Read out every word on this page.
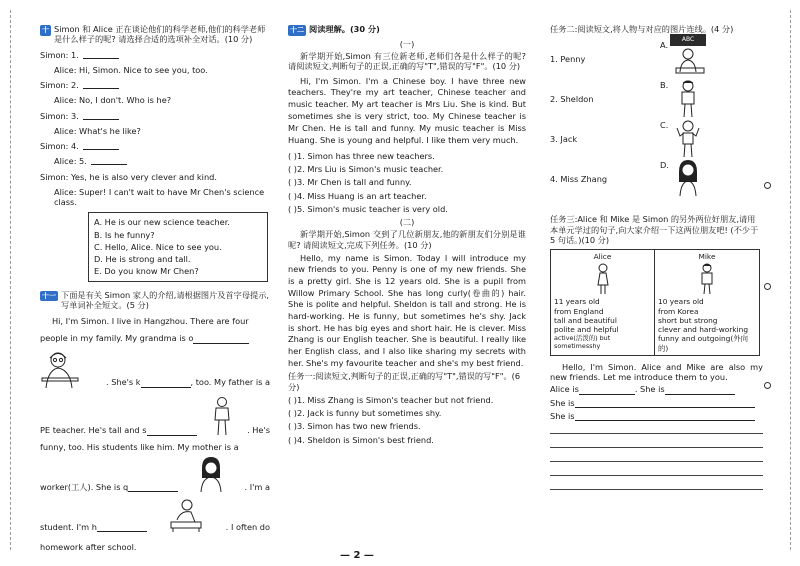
十 Simon 和 Alice 正在谈论他们的科学老师,他们的科学老师是什么样子的呢? 请选择合适的选项补全对话。(10 分)
Simon: 1.
Alice: Hi, Simon. Nice to see you, too.
Simon: 2.
Alice: No, I don't. Who is he?
Simon: 3.
Alice: What's he like?
Simon: 4.
Alice: 5.
Simon: Yes, he is also very clever and kind.
Alice: Super! I can't wait to have Mr Chen's science class.
A. He is our new science teacher.
B. Is he funny?
C. Hello, Alice. Nice to see you.
D. He is strong and tall.
E. Do you know Mr Chen?
十一 下面是有关 Simon 家人的介绍,请根据图片及首字母提示,写单词补全短文。(5 分)
Hi, I'm Simon. I live in Hangzhou. There are four
people in my family. My grandma is o
. She's k	, too. My father is a
PE teacher. He's tall and s	. He's
funny, too. His students like him. My mother is a
worker(工人). She is q	. I'm a
student. I'm h	. I often do
homework after school.
十二 阅读理解。(30 分)
(一)
新学期开始,Simon 有三位新老师,老师们各是什么样子的呢? 请阅读短文,判断句子的正误,正确的写"T",错误的写"F"。(10 分)
Hi, I'm Simon. I'm a Chinese boy. I have three new teachers. They're my art teacher, Chinese teacher and music teacher. My art teacher is Mrs Liu. She is kind. But sometimes she is very strict, too. My Chinese teacher is Mr Chen. He is tall and funny. My music teacher is Miss Huang. She is young and helpful. I like them very much.
( )1. Simon has three new teachers.
( )2. Mrs Liu is Simon's music teacher.
( )3. Mr Chen is tall and funny.
( )4. Miss Huang is an art teacher.
( )5. Simon's music teacher is very old.
(二)
新学期开始,Simon 交到了几位新朋友,他的新朋友们分别是谁呢? 请阅读短文,完成下列任务。(10 分)
Hello, my name is Simon. Today I will introduce my new friends to you. Penny is one of my new friends. She is a pretty girl. She is 12 years old. She is a pupil from Willow Primary School. She has long curly(卷曲的) hair. She is polite and helpful. Sheldon is tall and strong. He is hard-working. He is funny, but sometimes he's shy. Jack is short. He has big eyes and short hair. He is clever. Miss Zhang is our English teacher. She is beautiful. I really like her English class, and I also like sharing my secrets with her. She's my favourite teacher and she's my best friend.
任务一:阅读短文,判断句子的正误,正确的写"T",错误的写"F"。(6 分)
( )1. Miss Zhang is Simon's teacher but not friend.
( )2. Jack is funny but sometimes shy.
( )3. Simon has two new friends.
( )4. Sheldon is Simon's best friend.
— 2 —
任务二:阅读短文,将人物与对应的图片连线。(4 分)
1. Penny
2. Sheldon
3. Jack
4. Miss Zhang
A.
B.
C.
D.
ABC
任务三:Alice 和 Mike 是 Simon 的另外两位好朋友,请用本单元学过的句子,向大家介绍一下这两位朋友吧! (不少于 5 句话。)(10 分)
Alice
11 years old
from England
tall and beautiful
polite and helpful
active(活泼的) but sometimesshy
Mike
10 years old
from Korea
short but strong
clever and hard-working
funny and outgoing(外向的)
Hello, I'm Simon. Alice and Mike are also my new friends. Let me introduce them to you.
Alice is	. She is
She is
She is
